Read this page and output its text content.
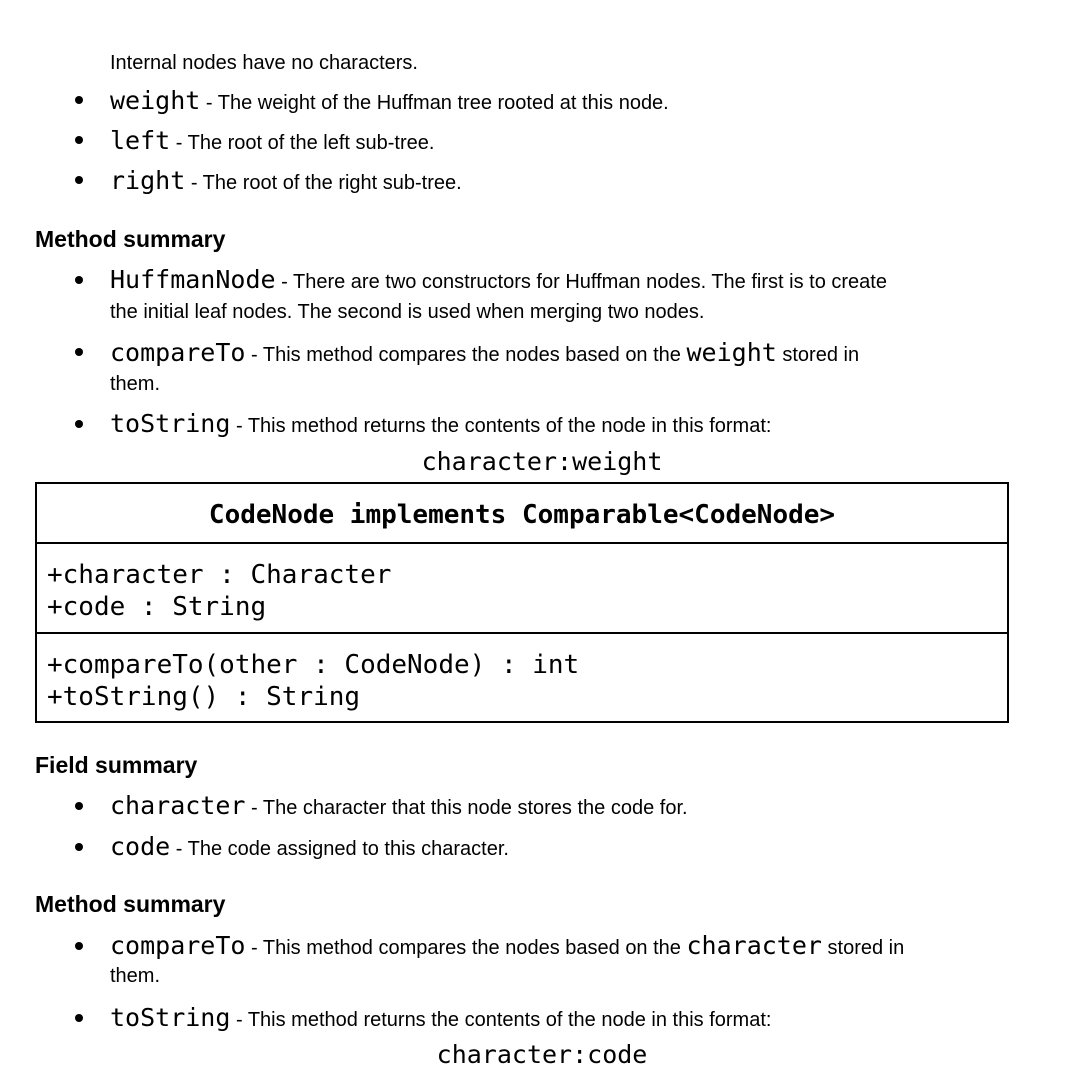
Internal nodes have no characters.
weight - The weight of the Huffman tree rooted at this node.
left - The root of the left sub-tree.
right - The root of the right sub-tree.
Method summary
HuffmanNode - There are two constructors for Huffman nodes. The first is to create
the initial leaf nodes. The second is used when merging two nodes.
compareTo - This method compares the nodes based on the weight stored in
them.
toString - This method returns the contents of the node in this format:
character:weight
CodeNode implements Comparable<CodeNode>
+character : Character
+code : String
+compareTo(other : CodeNode) : int
+toString() : String
Field summary
character - The character that this node stores the code for.
code - The code assigned to this character.
Method summary
compareTo - This method compares the nodes based on the character stored in
them.
toString - This method returns the contents of the node in this format:
character:code
